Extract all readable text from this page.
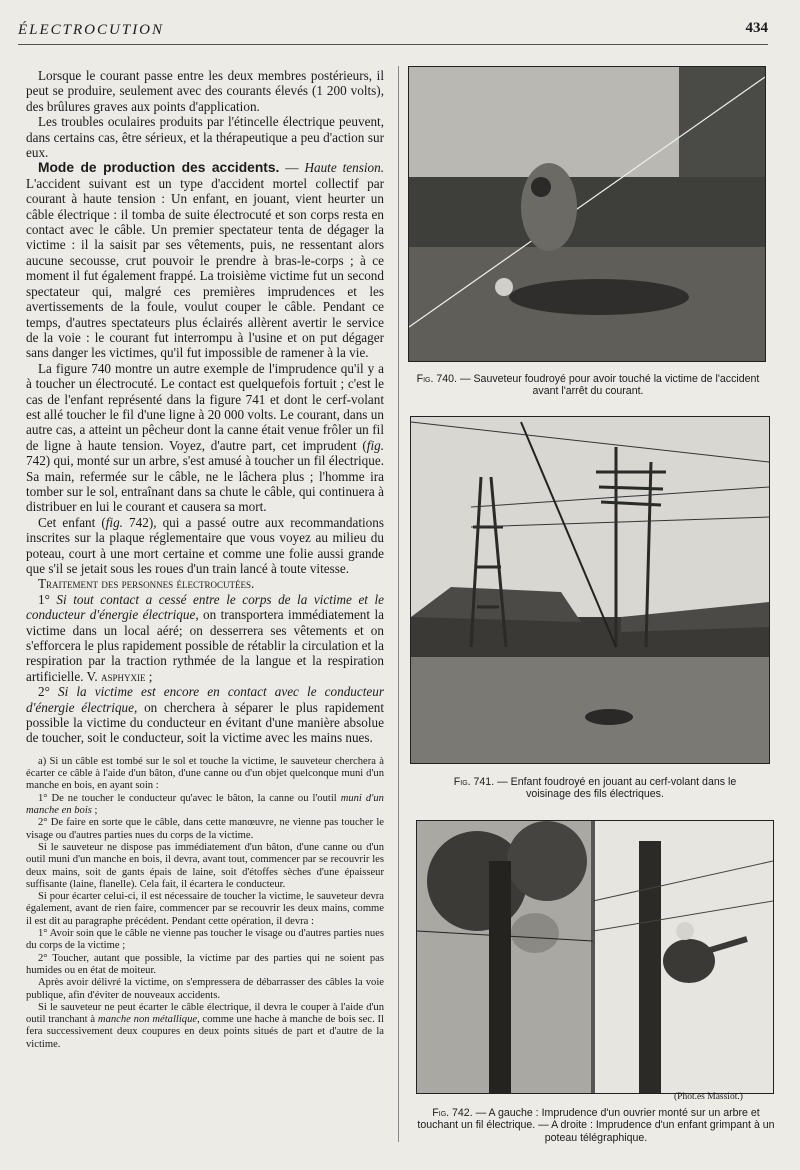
ÉLECTROCUTION	434

Lorsque le courant passe entre les deux membres postérieurs, il peut se produire, seulement avec des courants élevés (1 200 volts), des brûlures graves aux points d'application.

Les troubles oculaires produits par l'étincelle électrique peuvent, dans certains cas, être sérieux, et la thérapeutique a peu d'action sur eux.

Mode de production des accidents. — Haute tension. L'accident suivant est un type d'accident mortel collectif par courant à haute tension : Un enfant, en jouant, vient heurter un câble électrique : il tomba de suite électrocuté et son corps resta en contact avec le câble. Un premier spectateur tenta de dégager la victime : il la saisit par ses vêtements, puis, ne ressentant alors aucune secousse, crut pouvoir le prendre à bras-le-corps ; à ce moment il fut également frappé. La troisième victime fut un second spectateur qui, malgré ces premières imprudences et les avertissements de la foule, voulut couper le câble. Pendant ce temps, d'autres spectateurs plus éclairés allèrent avertir le service de la voie : le courant fut interrompu à l'usine et on put dégager sans danger les victimes, qu'il fut impossible de ramener à la vie.

La figure 740 montre un autre exemple de l'imprudence qu'il y a à toucher un électrocuté. Le contact est quelquefois fortuit ; c'est le cas de l'enfant représenté dans la figure 741 et dont le cerf-volant est allé toucher le fil d'une ligne à 20 000 volts. Le courant, dans un autre cas, a atteint un pêcheur dont la canne était venue frôler un fil de ligne à haute tension. Voyez, d'autre part, cet imprudent (fig. 742) qui, monté sur un arbre, s'est amusé à toucher un fil électrique. Sa main, refermée sur le câble, ne le lâchera plus ; l'homme ira tomber sur le sol, entraînant dans sa chute le câble, qui continuera à distribuer en lui le courant et causera sa mort.

Cet enfant (fig. 742), qui a passé outre aux recommandations inscrites sur la plaque réglementaire que vous voyez au milieu du poteau, court à une mort certaine et comme une folie aussi grande que s'il se jetait sous les roues d'un train lancé à toute vitesse.

Traitement des personnes électrocutées.

1° Si tout contact a cessé entre le corps de la victime et le conducteur d'énergie électrique, on transportera immédiatement la victime dans un local aéré; on desserrera ses vêtements et on s'efforcera le plus rapidement possible de rétablir la circulation et la respiration par la traction rythmée de la langue et la respiration artificielle. V. asphyxie ;

2° Si la victime est encore en contact avec le conducteur d'énergie électrique, on cherchera à séparer le plus rapidement possible la victime du conducteur en évitant d'une manière absolue de toucher, soit le conducteur, soit la victime avec les mains nues.

a) Si un câble est tombé sur le sol et touche la victime, le sauveteur cherchera à écarter ce câble à l'aide d'un bâton, d'une canne ou d'un objet quelconque muni d'un manche en bois, en ayant soin :

1° De ne toucher le conducteur qu'avec le bâton, la canne ou l'outil muni d'un manche en bois ;

2° De faire en sorte que le câble, dans cette manœuvre, ne vienne pas toucher le visage ou d'autres parties nues du corps de la victime.

Si le sauveteur ne dispose pas immédiatement d'un bâton, d'une canne ou d'un outil muni d'un manche en bois, il devra, avant tout, commencer par se recouvrir les deux mains, soit de gants épais de laine, soit d'étoffes sèches d'une épaisseur suffisante (laine, flanelle). Cela fait, il écartera le conducteur.

Si pour écarter celui-ci, il est nécessaire de toucher la victime, le sauveteur devra également, avant de rien faire, commencer par se recouvrir les deux mains, comme il est dit au paragraphe précédent. Pendant cette opération, il devra :

1° Avoir soin que le câble ne vienne pas toucher le visage ou d'autres parties nues du corps de la victime ;

2° Toucher, autant que possible, la victime par des parties qui ne soient pas humides ou en état de moiteur.

Après avoir délivré la victime, on s'empressera de débarrasser des câbles la voie publique, afin d'éviter de nouveaux accidents.

Si le sauveteur ne peut écarter le câble électrique, il devra le couper à l'aide d'un outil tranchant à manche non métallique, comme une hache à manche de bois sec. Il fera successivement deux coupures en deux points situés de part et d'autre de la victime.

Fig. 740. — Sauveteur foudroyé pour avoir touché la victime de l'accident avant l'arrêt du courant.
Fig. 741. — Enfant foudroyé en jouant au cerf-volant dans le voisinage des fils électriques.
(Phot.es Massiot.)
Fig. 742. — A gauche : Imprudence d'un ouvrier monté sur un arbre et touchant un fil électrique. — A droite : Imprudence d'un enfant grimpant à un poteau télégraphique.
